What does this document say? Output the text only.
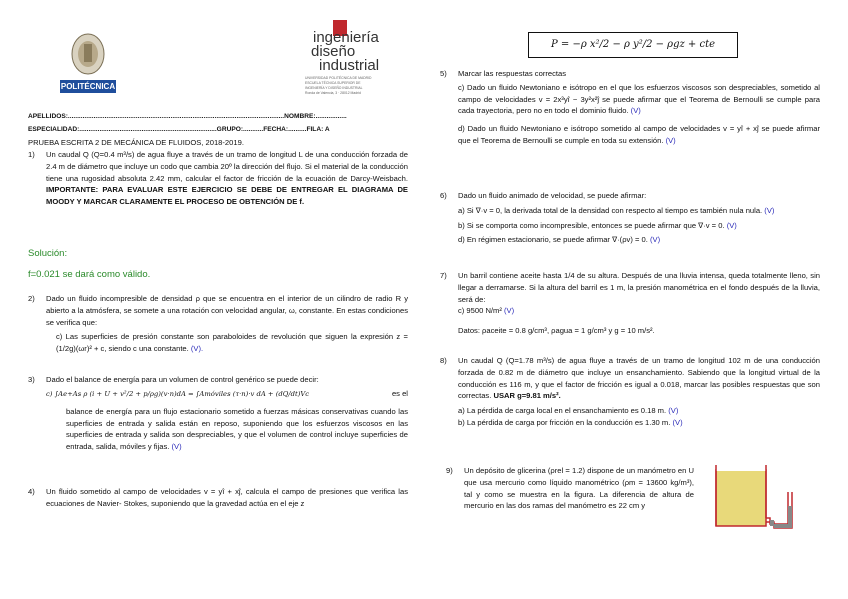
POLITÉCNICA
ingeniería
diseño
industrial
UNIVERSIDAD POLITÉCNICA DE MADRID
ESCUELA TÉCNICA SUPERIOR DE
INGENIERÍA Y DISEÑO INDUSTRIAL
Ronda de Valencia, 3 · 28012 Madrid
APELLIDOS:......................................................................................................................NOMBRE:.................
ESPECIALIDAD:...........................................................................GRUPO:...........FECHA:..........FILA: A
PRUEBA ESCRITA 2 DE MECÁNICA DE FLUIDOS, 2018-2019.
1)	Un caudal Q (Q=0.4 m³/s) de agua fluye a través de un tramo de longitud L de una conducción forzada de 2.4 m de diámetro que incluye un codo que cambia 20º la dirección del flujo. Si el material de la conducción tiene una rugosidad absoluta 2.42 mm, calcular el factor de fricción de la ecuación de Darcy-Weisbach. IMPORTANTE: PARA EVALUAR ESTE EJERCICIO SE DEBE DE ENTREGAR EL DIAGRAMA DE MOODY Y MARCAR CLARAMENTE EL PROCESO DE OBTENCIÓN DE f.
Solución:
f=0.021 se dará como válido.
2)	Dado un fluido incompresible de densidad ρ que se encuentra en el interior de un cilindro de radio R y abierto a la atmósfera, se somete a una rotación con velocidad angular, ω, constante. En estas condiciones se verifica que:
c) Las superficies de presión constante son paraboloides de revolución que siguen la expresión z = (1/2g)(ωr)² + c, siendo c una constante. (V).
3)	Dado el balance de energía para un volumen de control genérico se puede decir:
c) ∫Ae+As ρ (i + U + v²/2 + p/ρg)(v·n)dA = ∫Amóviles (τ·n)·v dA + (dQ/dt)Vc	es el
balance de energía para un flujo estacionario sometido a fuerzas másicas conservativas cuando las superficies de entrada y salida están en reposo, suponiendo que los esfuerzos viscosos en las superficies de entrada y salida son despreciables, y que el volumen de control incluye superficies de entrada, salida, móviles y fijas. (V)
4)	Un fluido sometido al campo de velocidades v = yî + xĵ, calcula el campo de presiones que verifica las ecuaciones de Navier- Stokes, suponiendo que la gravedad actúa en el eje z
P = −ρ x²/2 − ρ y²/2 − ρgz + cte
5)	Marcar las respuestas correctas
c) Dado un fluido Newtoniano e isótropo en el que los esfuerzos viscosos son despreciables, sometido al campo de velocidades v = 2x³yî − 3y²x²ĵ se puede afirmar que el Teorema de Bernoulli se cumple para cada trayectoria, pero no en todo el dominio fluido. (V)
d) Dado un fluido Newtoniano e isótropo sometido al campo de velocidades v = yî + xĵ se puede afirmar que el Teorema de Bernoulli se cumple en toda su extensión. (V)
6)	Dado un fluido animado de velocidad, se puede afirmar:
a) Si ∇·v = 0, la derivada total de la densidad con respecto al tiempo es también nula nula. (V)
b) Si se comporta como incompresible, entonces se puede afirmar que ∇·v = 0. (V)
d) En régimen estacionario, se puede afirmar ∇·(ρv) = 0. (V)
7)	Un barril contiene aceite hasta 1/4 de su altura. Después de una lluvia intensa, queda totalmente lleno, sin llegar a derramarse. Si la altura del barril es 1 m, la presión manométrica en el fondo después de la lluvia, será de:
c) 9500 N/m² (V)
Datos: ρaceite = 0.8 g/cm³, ρagua = 1 g/cm³ y g = 10 m/s².
8)	Un caudal Q (Q=1.78 m³/s) de agua fluye a través de un tramo de longitud 102 m de una conducción forzada de 0.82 m de diámetro que incluye un ensanchamiento. Sabiendo que la longitud virtual de la conducción es 116 m, y que el factor de fricción es igual a 0.018, marcar las posibles respuestas que son correctas. USAR g=9.81 m/s².
a) La pérdida de carga local en el ensanchamiento es 0.18 m. (V)
b) La pérdida de carga por fricción en la conducción es 1.30 m. (V)
9)	Un depósito de glicerina (ρrel = 1.2) dispone de un manómetro en U que usa mercurio como líquido manométrico (ρm = 13600 kg/m³), tal y como se muestra en la figura. La diferencia de altura de mercurio en las dos ramas del manómetro es 22 cm y
